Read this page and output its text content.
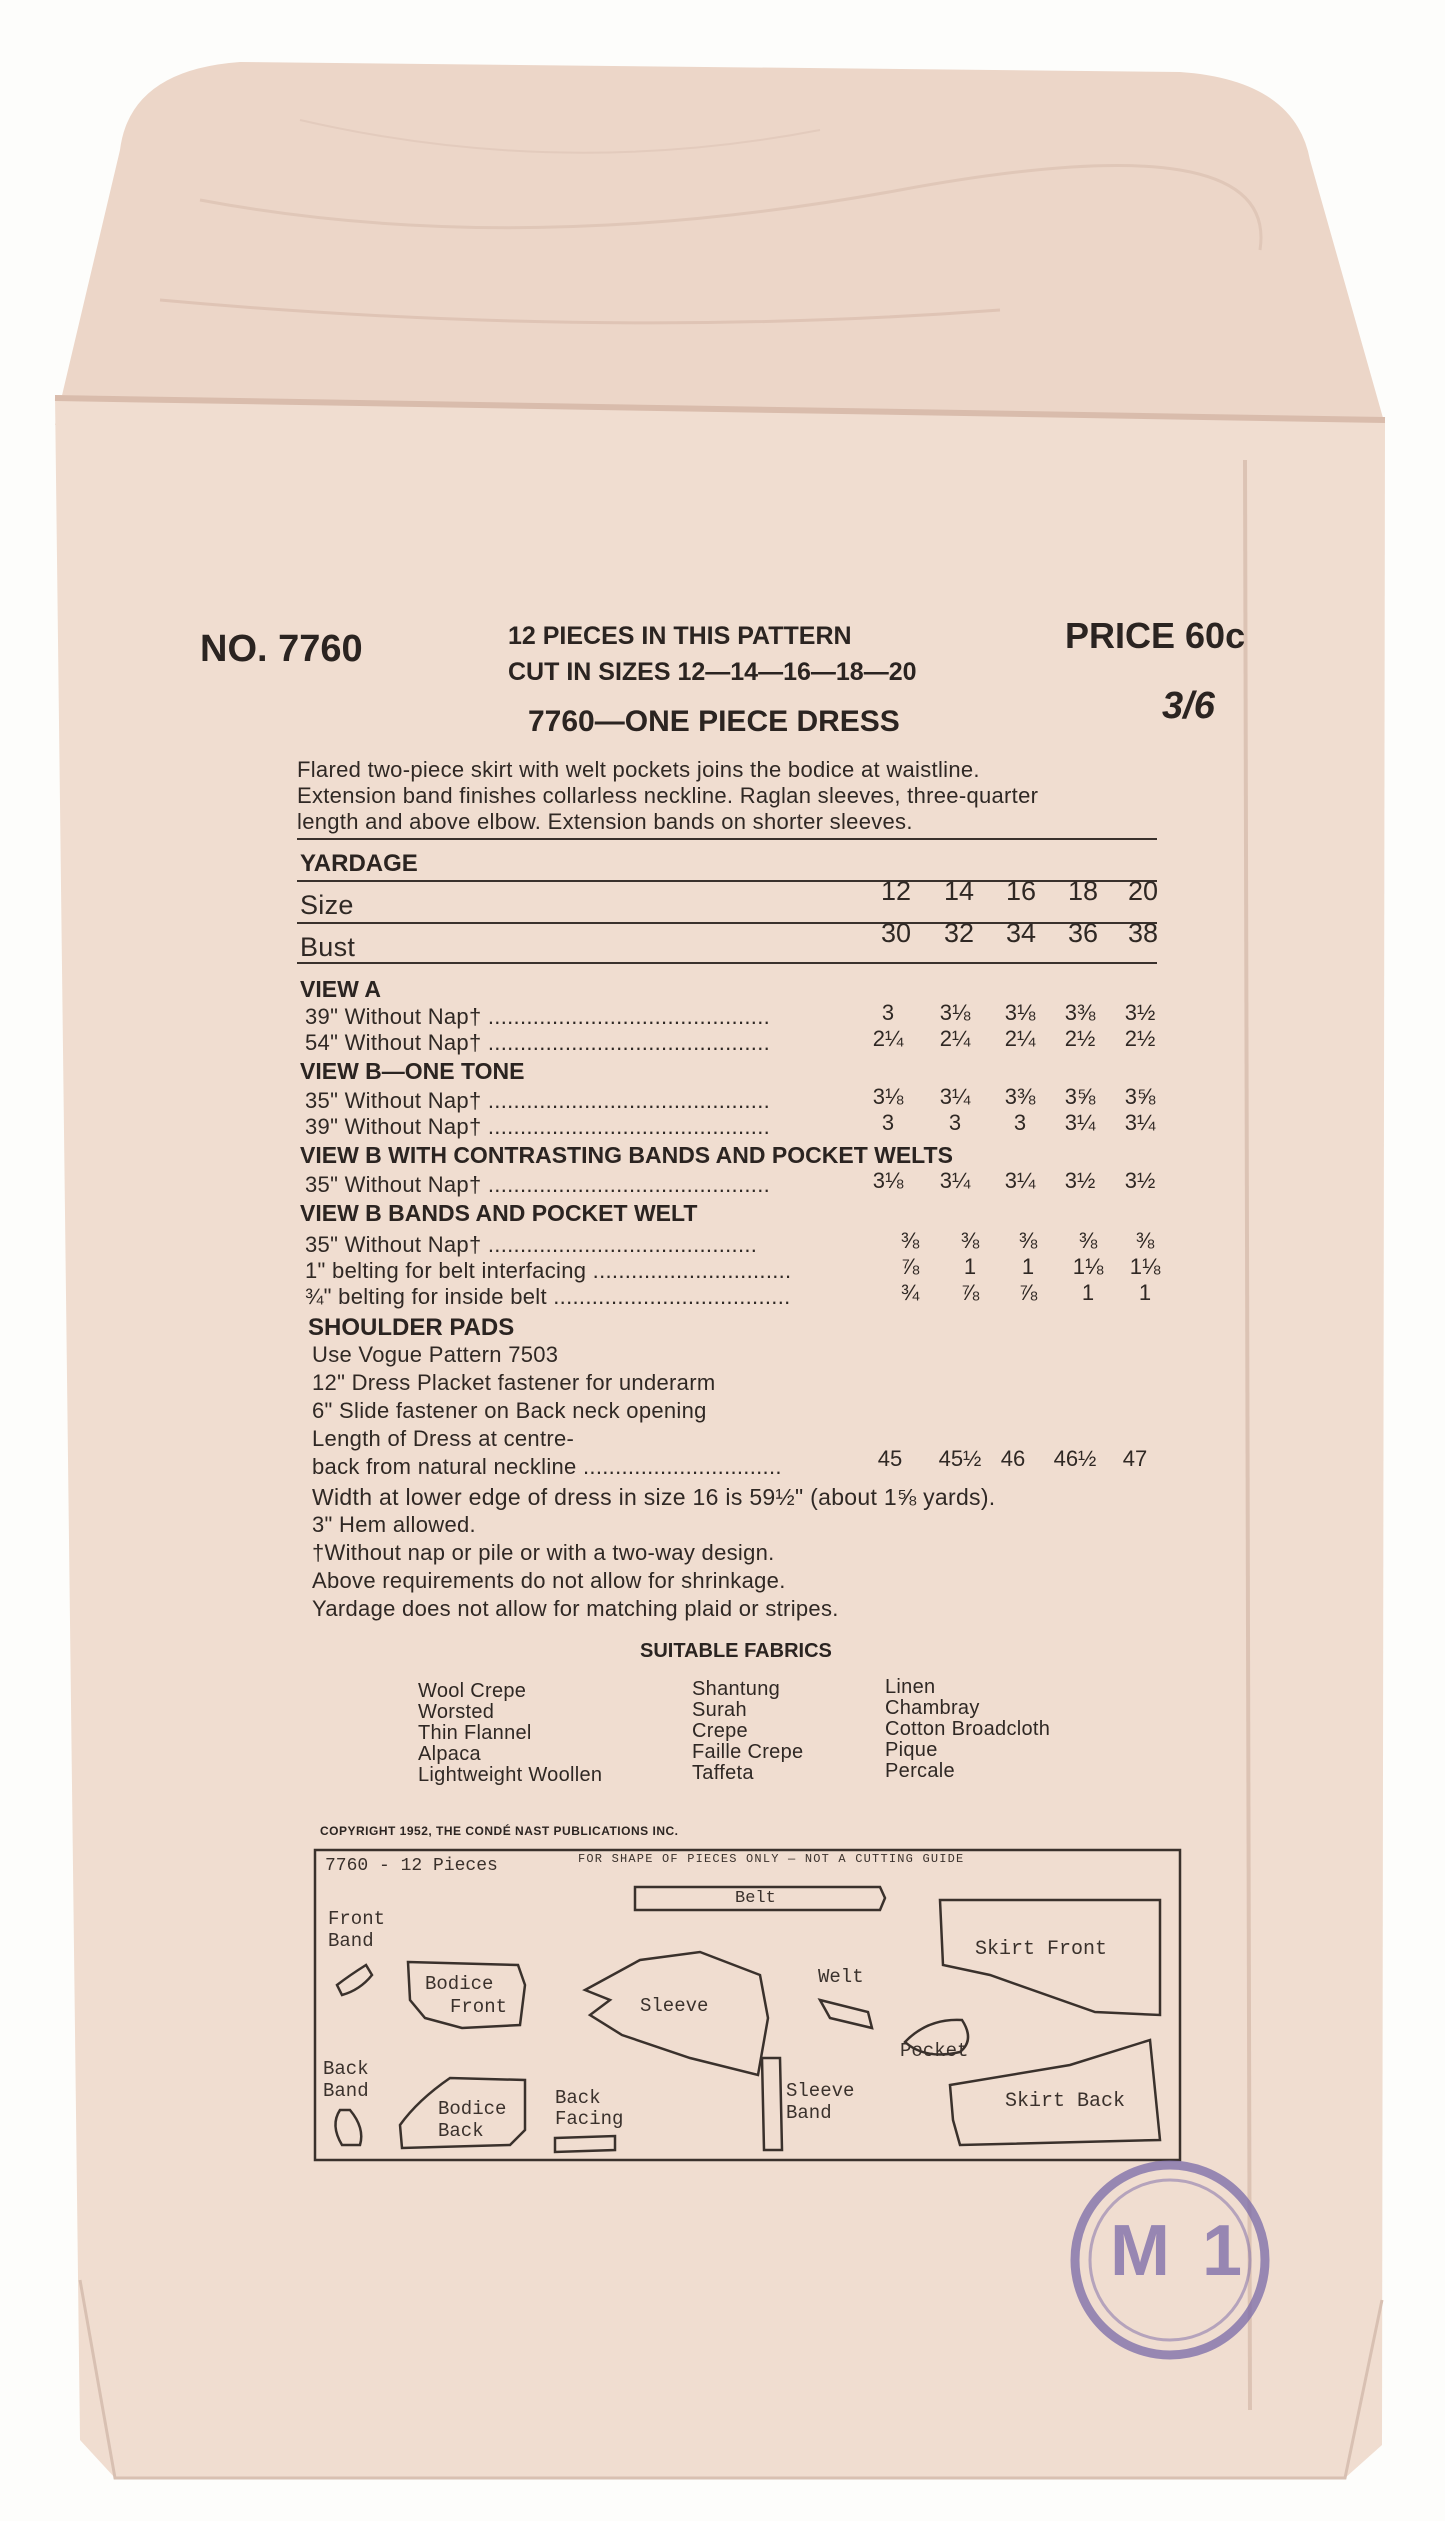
NO. 7760	12 PIECES IN THIS PATTERN
CUT IN SIZES 12—14—16—18—20
PRICE 60c
3/6
7760—ONE PIECE DRESS
Flared two-piece skirt with welt pockets joins the bodice at waistline.
Extension band finishes collarless neckline. Raglan sleeves, three-quarter
length and above elbow. Extension bands on shorter sleeves.
YARDAGE
Size	12	14	16	18	20
Bust	30	32	34	36	38
VIEW A
39" Without Nap† ............................................	3	3⅛	3⅛	3⅜	3½
54" Without Nap† ............................................	2¼	2¼	2¼	2½	2½
VIEW B—ONE TONE
35" Without Nap† ............................................	3⅛	3¼	3⅜	3⅝	3⅝
39" Without Nap† ............................................	3	3	3	3¼	3¼
VIEW B WITH CONTRASTING BANDS AND POCKET WELTS
35" Without Nap† ............................................	3⅛	3¼	3¼	3½	3½
VIEW B BANDS AND POCKET WELT
35" Without Nap† ..........................................	⅜	⅜	⅜	⅜	⅜
1" belting for belt interfacing ...............................	⅞	1	1	1⅛	1⅛
¾" belting for inside belt .....................................	¾	⅞	⅞	1	1
SHOULDER PADS
Use Vogue Pattern 7503
12" Dress Placket fastener for underarm
6" Slide fastener on Back neck opening
Length of Dress at centre-
back from natural neckline ...............................	45	45½ 46	46½	47
Width at lower edge of dress in size 16 is 59½" (about 1⅝ yards).
3" Hem allowed.
†Without nap or pile or with a two-way design.
Above requirements do not allow for shrinkage.
Yardage does not allow for matching plaid or stripes.
SUITABLE FABRICS
Wool Crepe
Worsted
Thin Flannel
Alpaca
Lightweight Woollen
Shantung
Surah
Crepe
Faille Crepe
Taffeta
Linen
Chambray
Cotton Broadcloth
Pique
Percale
COPYRIGHT 1952, THE CONDÉ NAST PUBLICATIONS INC.
7760 - 12 Pieces	FOR SHAPE OF PIECES ONLY — NOT A CUTTING GUIDE
Belt
Front
Band
Bodice
Front	Sleeve
Welt
Skirt Front
Pocket
Back
Band
Bodice
Back
Back
Facing
Sleeve
Band	Skirt Back
M 1
